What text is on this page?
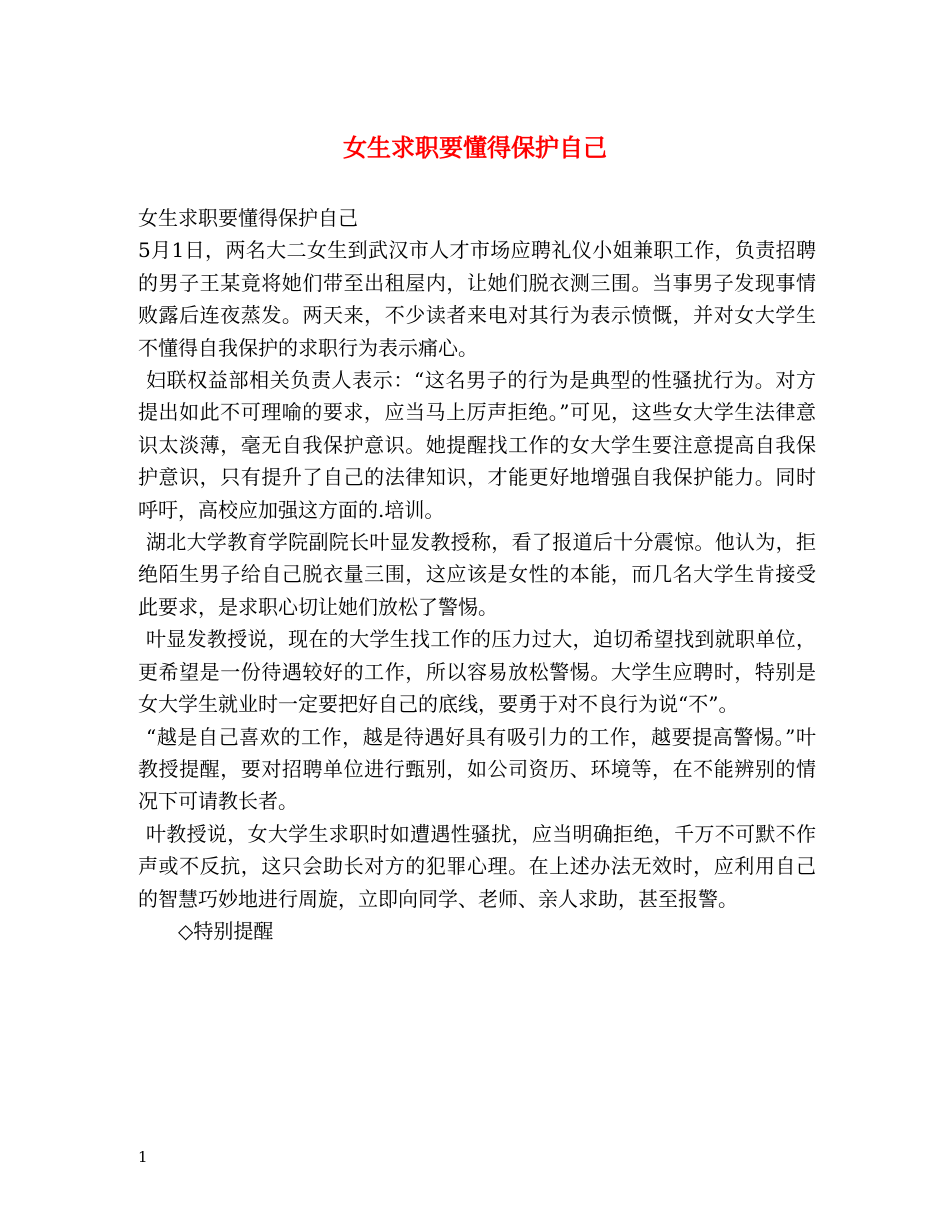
女生求职要懂得保护自己

女生求职要懂得保护自己

5月1日，两名大二女生到武汉市人才市场应聘礼仪小姐兼职工作，负责招聘的男子王某竟将她们带至出租屋内，让她们脱衣测三围。当事男子发现事情败露后连夜蒸发。两天来，不少读者来电对其行为表示愤慨，并对女大学生不懂得自我保护的求职行为表示痛心。

妇联权益部相关负责人表示：“这名男子的行为是典型的性骚扰行为。对方提出如此不可理喻的要求，应当马上厉声拒绝。”可见，这些女大学生法律意识太淡薄，毫无自我保护意识。她提醒找工作的女大学生要注意提高自我保护意识，只有提升了自己的法律知识，才能更好地增强自我保护能力。同时呼吁，高校应加强这方面的.培训。

湖北大学教育学院副院长叶显发教授称，看了报道后十分震惊。他认为，拒绝陌生男子给自己脱衣量三围，这应该是女性的本能，而几名大学生肯接受此要求，是求职心切让她们放松了警惕。

叶显发教授说，现在的大学生找工作的压力过大，迫切希望找到就职单位，更希望是一份待遇较好的工作，所以容易放松警惕。大学生应聘时，特别是女大学生就业时一定要把好自己的底线，要勇于对不良行为说“不”。

“越是自己喜欢的工作，越是待遇好具有吸引力的工作，越要提高警惕。”叶教授提醒，要对招聘单位进行甄别，如公司资历、环境等，在不能辨别的情况下可请教长者。

叶教授说，女大学生求职时如遭遇性骚扰，应当明确拒绝，千万不可默不作声或不反抗，这只会助长对方的犯罪心理。在上述办法无效时，应利用自己的智慧巧妙地进行周旋，立即向同学、老师、亲人求助，甚至报警。

◇特别提醒

1
